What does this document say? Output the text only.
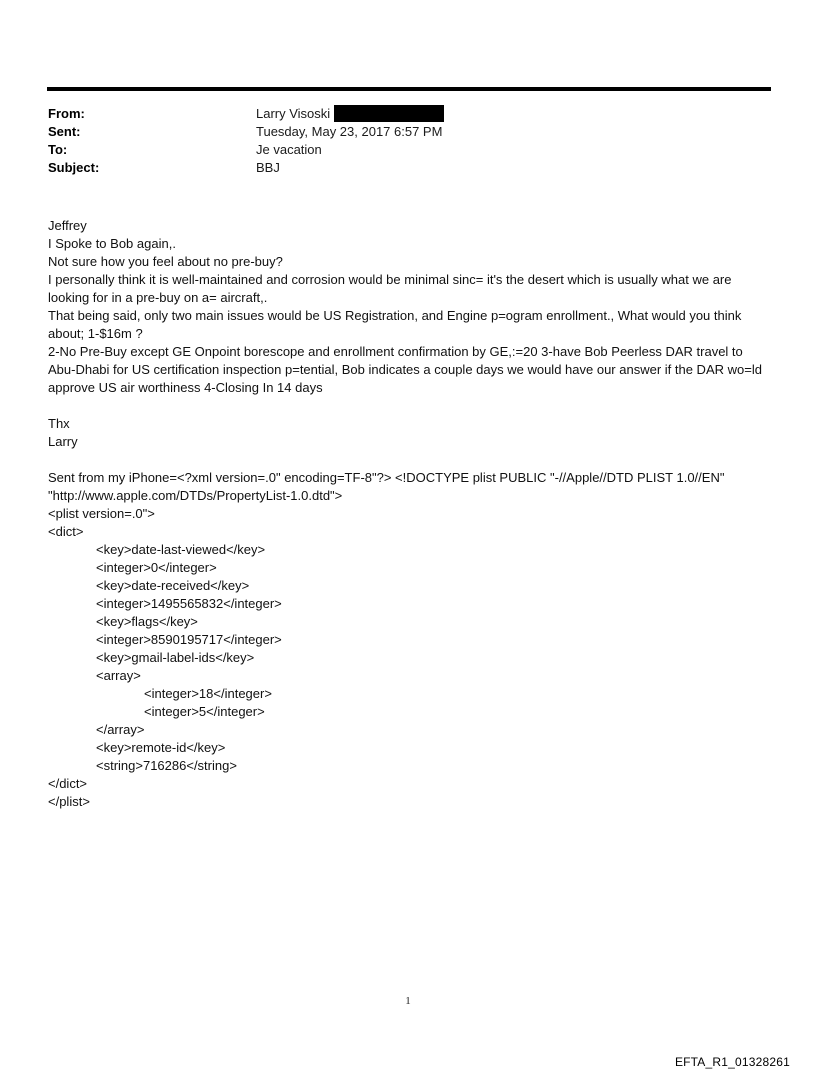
From:	Larry Visoski
Sent:	Tuesday, May 23, 2017 6:57 PM
To:	Je vacation
Subject:	BBJ
Jeffrey
I Spoke to Bob again,.
Not sure how you feel about no pre-buy?
I personally think it is well-maintained and corrosion would be minimal sinc= it's the desert which is usually what we are looking for in a pre-buy on a= aircraft,.
That being said, only two main issues would be US Registration, and Engine p=ogram enrollment., What would you think about; 1-$16m ?
2-No Pre-Buy except GE Onpoint borescope and enrollment confirmation by GE,:=20 3-have Bob Peerless DAR travel to Abu-Dhabi for US certification inspection p=tential, Bob indicates a couple days we would have our answer if the DAR wo=ld approve US air worthiness 4-Closing In 14 days
Thx
Larry
Sent from my iPhone=<?xml version=.0" encoding=TF-8"?> <!DOCTYPE plist PUBLIC "-//Apple//DTD PLIST 1.0//EN"
"http://www.apple.com/DTDs/PropertyList-1.0.dtd">
<plist version=.0">
<dict>
<key>date-last-viewed</key>
<integer>0</integer>
<key>date-received</key>
<integer>1495565832</integer>
<key>flags</key>
<integer>8590195717</integer>
<key>gmail-label-ids</key>
<array>
<integer>18</integer>
<integer>5</integer>
</array>
<key>remote-id</key>
<string>716286</string>
</dict>
</plist>
1
EFTA_R1_01328261
